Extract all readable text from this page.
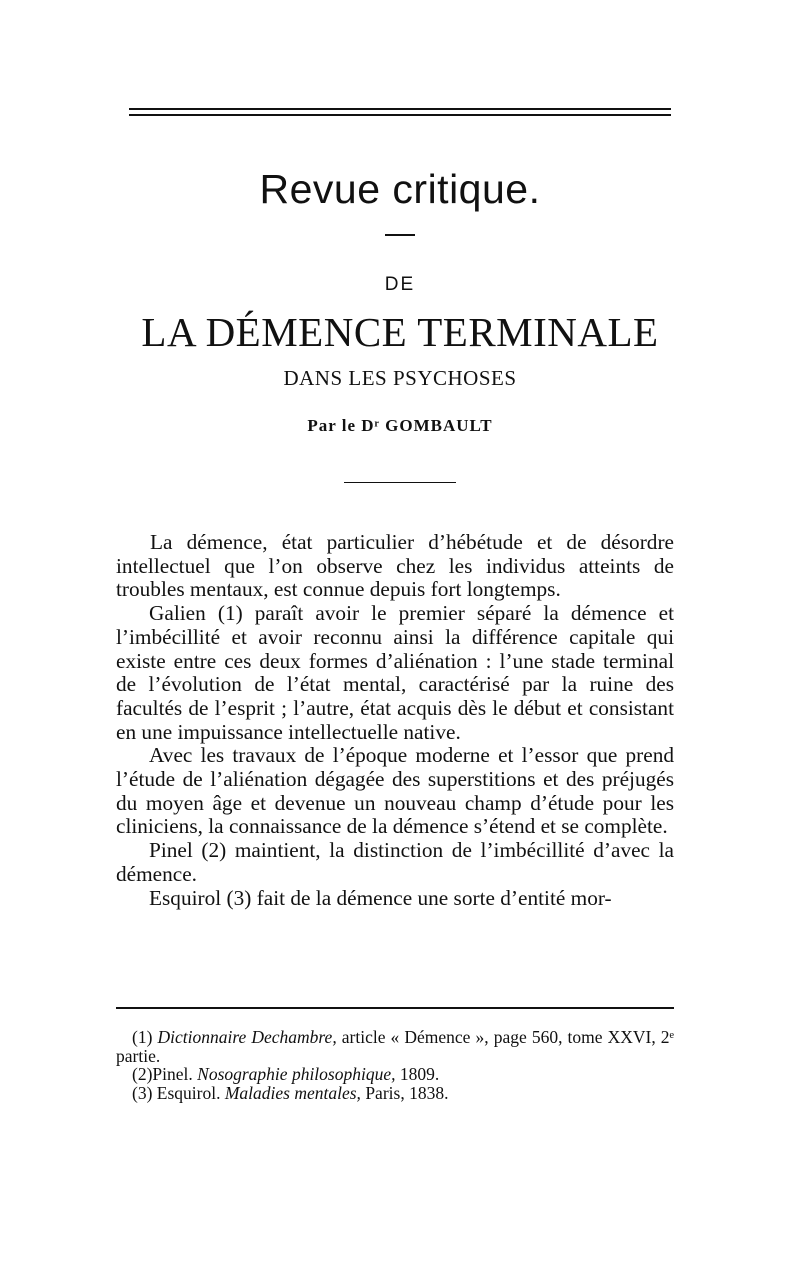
Revue critique.
DE
LA DÉMENCE TERMINALE
DANS LES PSYCHOSES
Par le Dʳ GOMBAULT

La démence, état particulier d’hébétude et de désordre intellectuel que l’on observe chez les individus atteints de troubles mentaux, est connue depuis fort longtemps.

Galien (1) paraît avoir le premier séparé la démence et l’imbécillité et avoir reconnu ainsi la différence capitale qui existe entre ces deux formes d’aliénation : l’une stade terminal de l’évolution de l’état mental, caractérisé par la ruine des facultés de l’esprit ; l’autre, état acquis dès le début et consistant en une impuissance intellectuelle native.

Avec les travaux de l’époque moderne et l’essor que prend l’étude de l’aliénation dégagée des superstitions et des préjugés du moyen âge et devenue un nouveau champ d’étude pour les cliniciens, la connaissance de la démence s’étend et se complète.

Pinel (2) maintient, la distinction de l’imbécillité d’avec la démence.

Esquirol (3) fait de la démence une sorte d’entité mor-

(1) Dictionnaire Dechambre, article « Démence », page 560, tome XXVI, 2ᵉ partie.

(2)Pinel. Nosographie philosophique, 1809.

(3) Esquirol. Maladies mentales, Paris, 1838.
